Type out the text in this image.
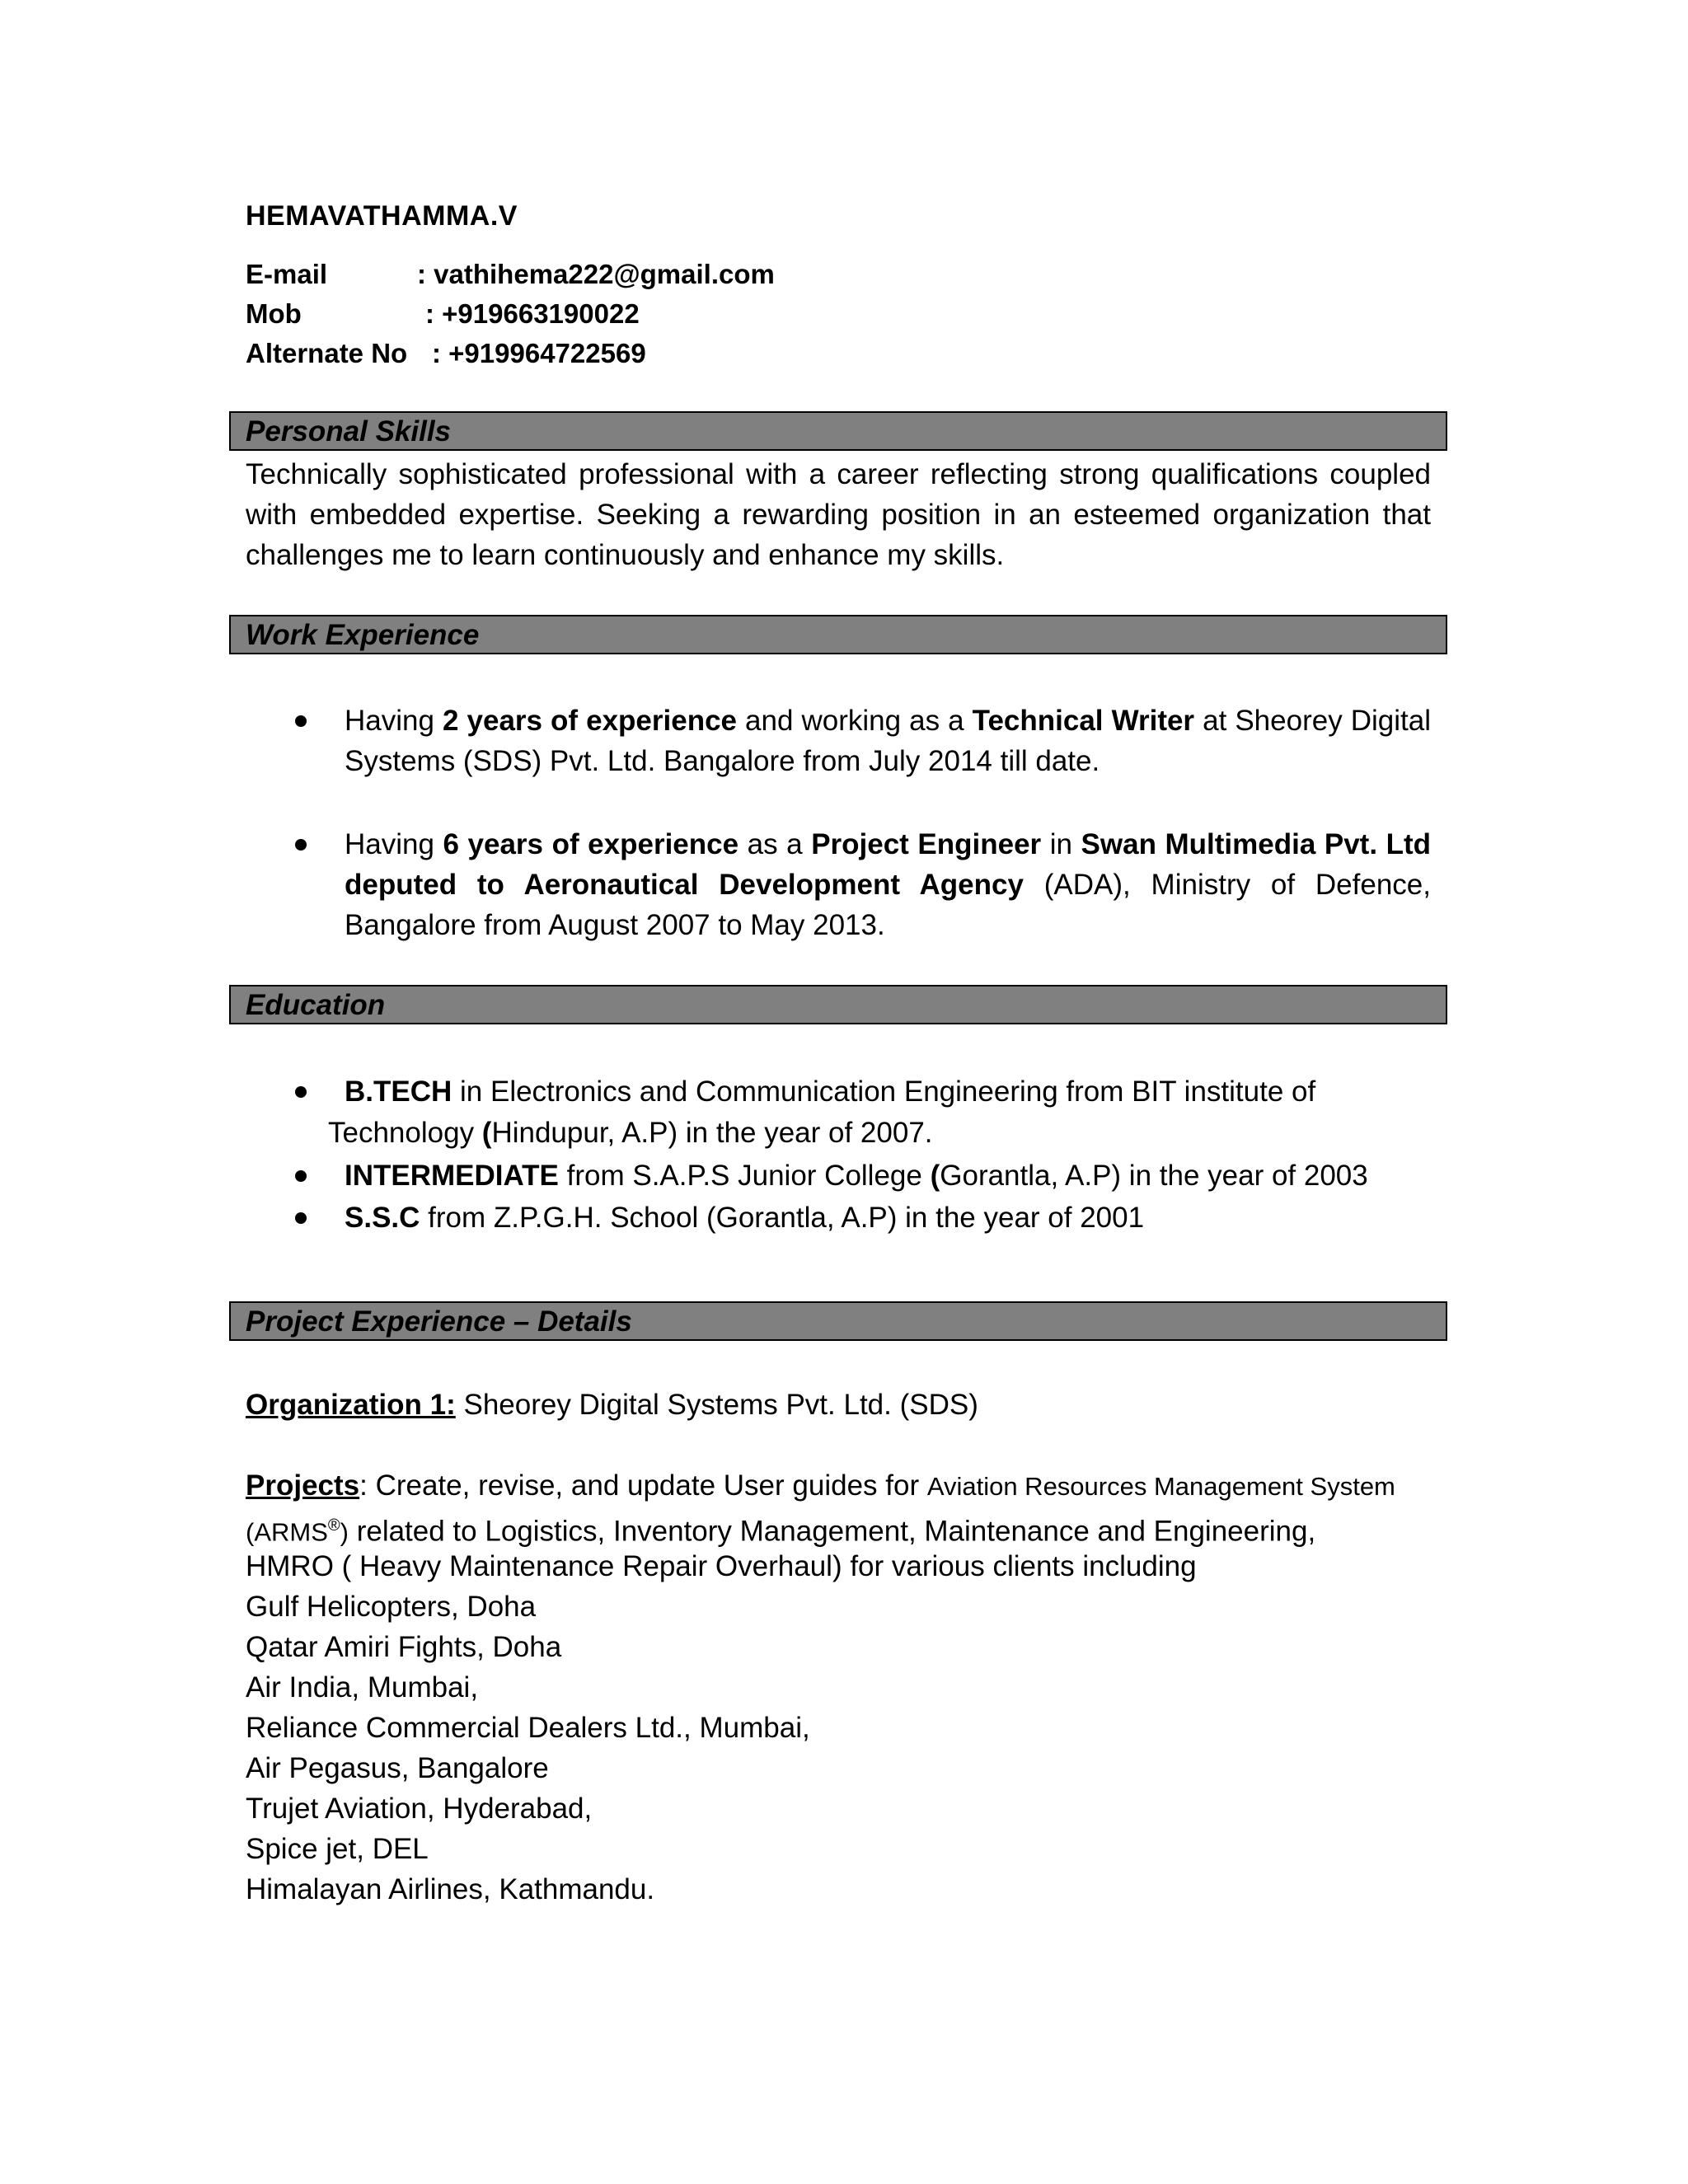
HEMAVATHAMMA.V
E-mail	: vathihema222@gmail.com
Mob	: +919663190022
Alternate No : +919964722569
Personal Skills
Technically sophisticated professional with a career reflecting strong qualifications coupled with embedded expertise. Seeking a rewarding position in an esteemed organization that challenges me to learn continuously and enhance my skills.
Work Experience
Having 2 years of experience and working as a Technical Writer at Sheorey Digital Systems (SDS) Pvt. Ltd. Bangalore from July 2014 till date.
Having 6 years of experience as a Project Engineer in Swan Multimedia Pvt. Ltd deputed to Aeronautical Development Agency (ADA), Ministry of Defence, Bangalore from August 2007 to May 2013.
Education
B.TECH in Electronics and Communication Engineering from BIT institute of
Technology (Hindupur, A.P) in the year of 2007.
INTERMEDIATE from S.A.P.S Junior College (Gorantla, A.P) in the year of 2003
S.S.C from Z.P.G.H. School (Gorantla, A.P) in the year of 2001
Project Experience – Details
Organization 1: Sheorey Digital Systems Pvt. Ltd. (SDS)
Projects: Create, revise, and update User guides for Aviation Resources Management System
(ARMS®) related to Logistics, Inventory Management, Maintenance and Engineering,
HMRO ( Heavy Maintenance Repair Overhaul) for various clients including
Gulf Helicopters, Doha
Qatar Amiri Fights, Doha
Air India, Mumbai,
Reliance Commercial Dealers Ltd., Mumbai,
Air Pegasus, Bangalore
Trujet Aviation, Hyderabad,
Spice jet, DEL
Himalayan Airlines, Kathmandu.
